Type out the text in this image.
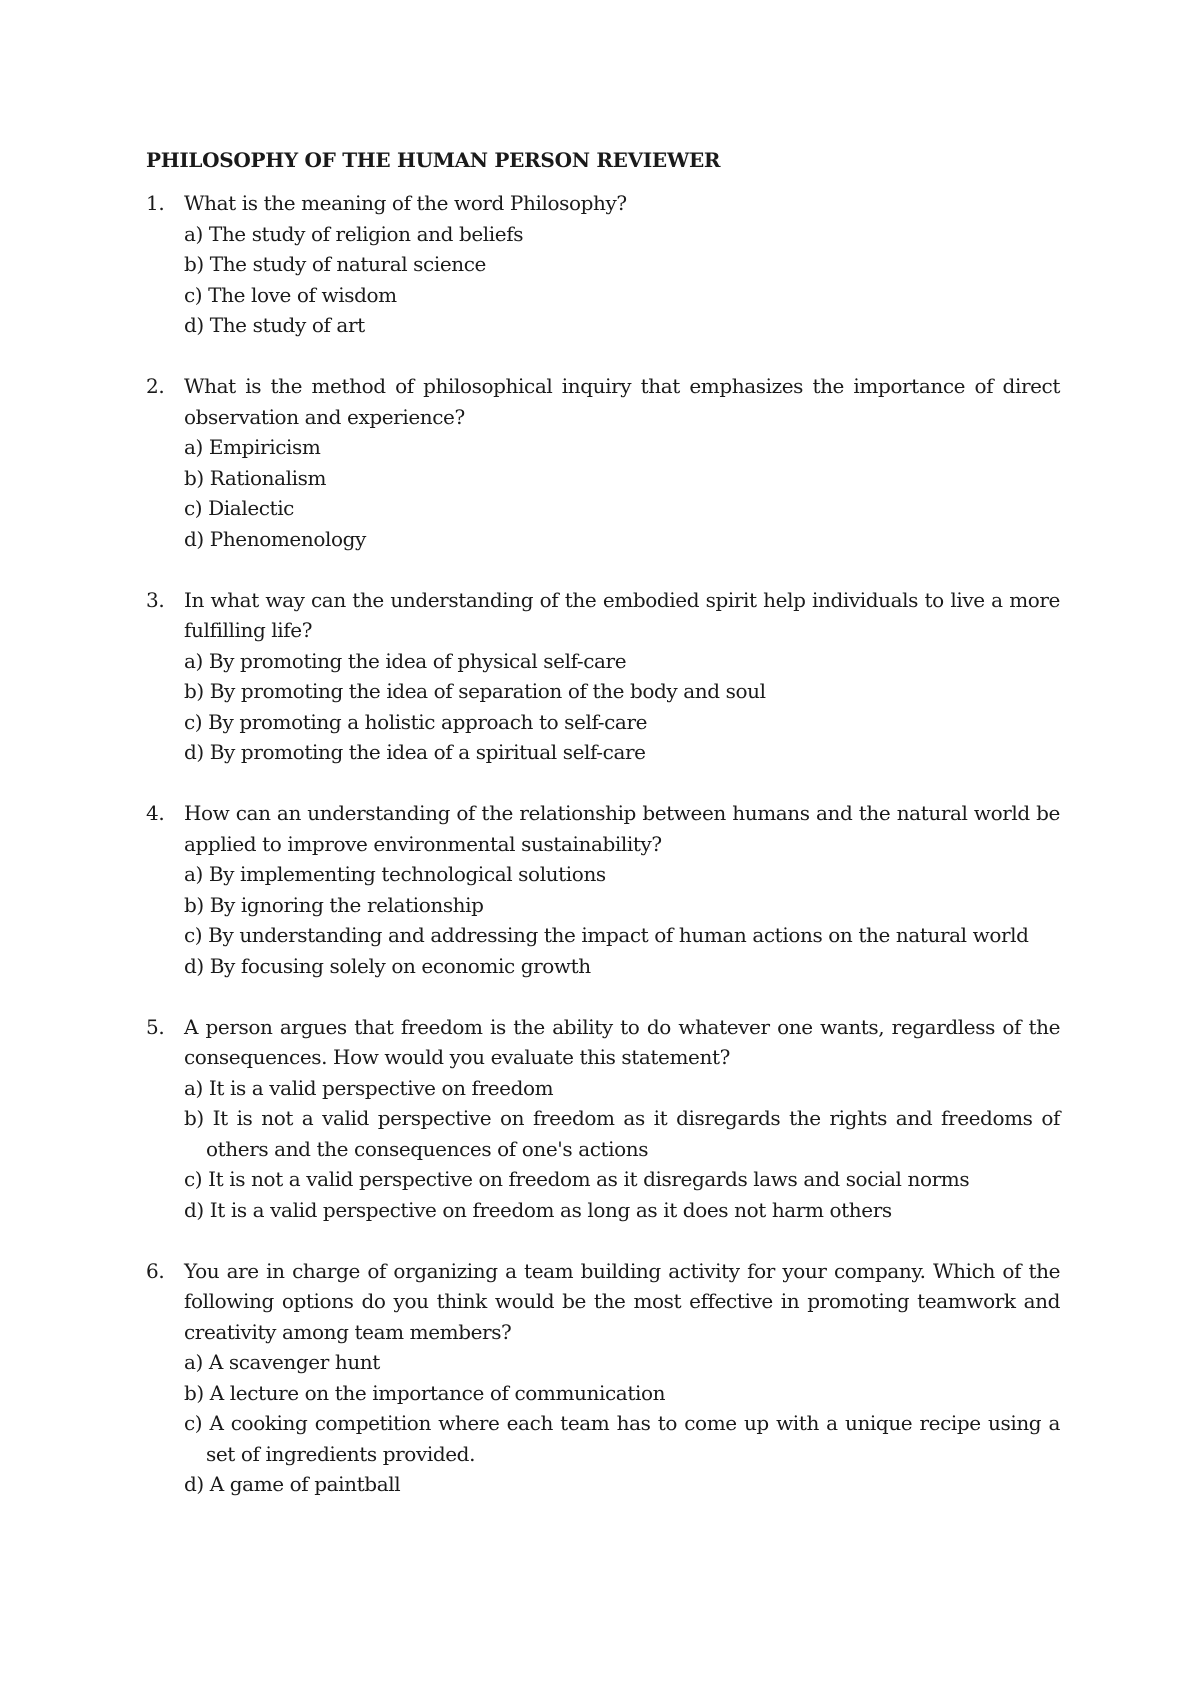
PHILOSOPHY OF THE HUMAN PERSON REVIEWER
1. What is the meaning of the word Philosophy?

a) The study of religion and beliefs

b) The study of natural science

c) The love of wisdom

d) The study of art

2. What is the method of philosophical inquiry that emphasizes the importance of direct observation and experience?

a) Empiricism

b) Rationalism

c) Dialectic

d) Phenomenology

3. In what way can the understanding of the embodied spirit help individuals to live a more fulfilling life?

a) By promoting the idea of physical self-care

b) By promoting the idea of separation of the body and soul

c) By promoting a holistic approach to self-care

d) By promoting the idea of a spiritual self-care

4. How can an understanding of the relationship between humans and the natural world be applied to improve environmental sustainability?

a) By implementing technological solutions

b) By ignoring the relationship

c) By understanding and addressing the impact of human actions on the natural world

d) By focusing solely on economic growth

5. A person argues that freedom is the ability to do whatever one wants, regardless of the consequences. How would you evaluate this statement?

a) It is a valid perspective on freedom

b) It is not a valid perspective on freedom as it disregards the rights and freedoms of others and the consequences of one's actions

c) It is not a valid perspective on freedom as it disregards laws and social norms

d) It is a valid perspective on freedom as long as it does not harm others

6. You are in charge of organizing a team building activity for your company. Which of the following options do you think would be the most effective in promoting teamwork and creativity among team members?

a) A scavenger hunt

b) A lecture on the importance of communication

c) A cooking competition where each team has to come up with a unique recipe using a set of ingredients provided.

d) A game of paintball
